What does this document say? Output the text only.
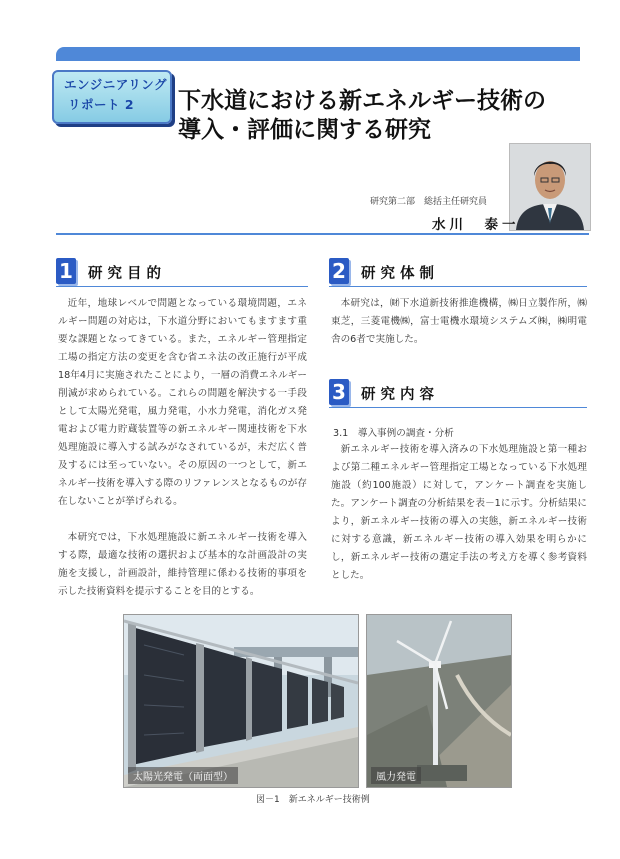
エンジニアリング
リポート 2	下水道における新エネルギー技術の
導入・評価に関する研究
研究第二部　総括主任研究員
水川　泰一
1 研究目的
近年，地球レベルで問題となっている環境問題，エネルギー問題の対応は，下水道分野においてもますます重要な課題となってきている。また，エネルギー管理指定工場の指定方法の変更を含む省エネ法の改正施行が平成18年4月に実施されたことにより，一層の消費エネルギー削減が求められている。これらの問題を解決する一手段として太陽光発電，風力発電，小水力発電，消化ガス発電および電力貯蔵装置等の新エネルギー関連技術を下水処理施設に導入する試みがなされているが，未だ広く普及するには至っていない。その原因の一つとして，新エネルギー技術を導入する際のリファレンスとなるものが存在しないことが挙げられる。
本研究では，下水処理施設に新エネルギー技術を導入する際，最適な技術の選択および基本的な計画設計の実施を支援し，計画設計，維持管理に係わる技術的事項を示した技術資料を提示することを目的とする。
2 研究体制
本研究は，㈶下水道新技術推進機構，㈱日立製作所，㈱東芝，三菱電機㈱，富士電機水環境システムズ㈱，㈱明電舎の6者で実施した。
3 研究内容
3.1　導入事例の調査・分析
新エネルギー技術を導入済みの下水処理施設と第一種および第二種エネルギー管理指定工場となっている下水処理施設（約100施設）に対して，アンケート調査を実施した。アンケート調査の分析結果を表－1に示す。分析結果により，新エネルギー技術の導入の実態，新エネルギー技術に対する意識，新エネルギー技術の導入効果を明らかにし，新エネルギー技術の選定手法の考え方を導く参考資料とした。
太陽光発電（両面型）	風力発電
図－1　新エネルギー技術例
